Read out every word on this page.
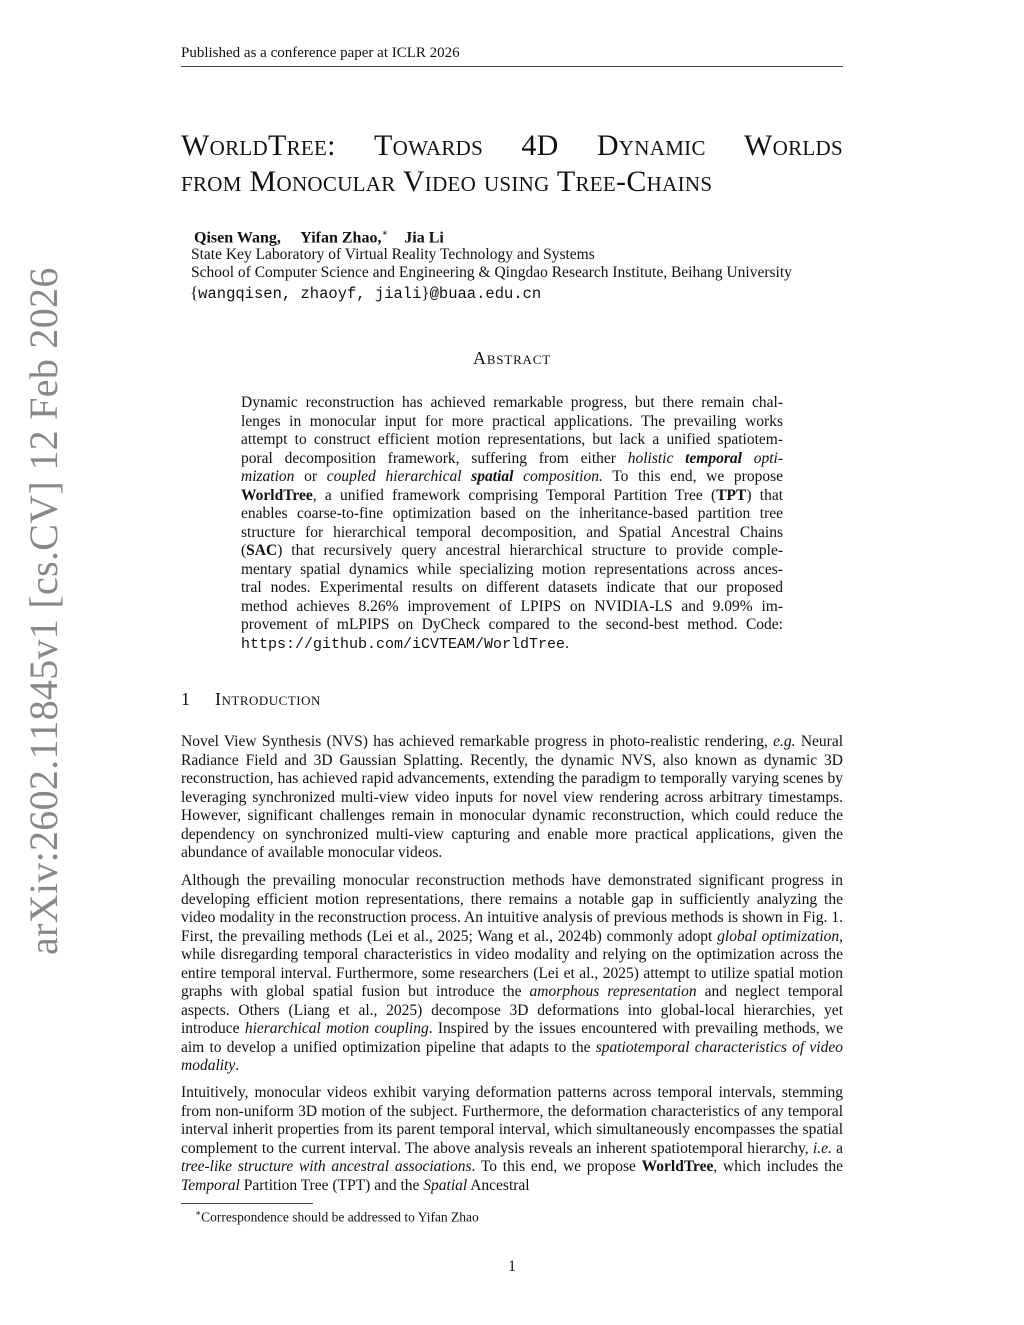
Published as a conference paper at ICLR 2026
arXiv:2602.11845v1 [cs.CV] 12 Feb 2026
WorldTree: Towards 4D Dynamic Worlds
from Monocular Video using Tree-Chains
Qisen Wang, Yifan Zhao,∗ Jia Li
State Key Laboratory of Virtual Reality Technology and Systems
School of Computer Science and Engineering & Qingdao Research Institute, Beihang University
{wangqisen, zhaoyf, jiali}@buaa.edu.cn
Abstract
Dynamic reconstruction has achieved remarkable progress, but there remain chal-
lenges in monocular input for more practical applications. The prevailing works
attempt to construct efficient motion representations, but lack a unified spatiotem-
poral decomposition framework, suffering from either holistic temporal opti-
mization or coupled hierarchical spatial composition. To this end, we propose
WorldTree, a unified framework comprising Temporal Partition Tree (TPT) that
enables coarse-to-fine optimization based on the inheritance-based partition tree
structure for hierarchical temporal decomposition, and Spatial Ancestral Chains
(SAC) that recursively query ancestral hierarchical structure to provide comple-
mentary spatial dynamics while specializing motion representations across ances-
tral nodes. Experimental results on different datasets indicate that our proposed
method achieves 8.26% improvement of LPIPS on NVIDIA-LS and 9.09% im-
provement of mLPIPS on DyCheck compared to the second-best method. Code:
https://github.com/iCVTEAM/WorldTree.
1 Introduction
Novel View Synthesis (NVS) has achieved remarkable progress in photo-realistic rendering, e.g. Neural Radiance Field and 3D Gaussian Splatting. Recently, the dynamic NVS, also known as dynamic 3D reconstruction, has achieved rapid advancements, extending the paradigm to temporally varying scenes by leveraging synchronized multi-view video inputs for novel view rendering across arbitrary timestamps. However, significant challenges remain in monocular dynamic reconstruction, which could reduce the dependency on synchronized multi-view capturing and enable more practical applications, given the abundance of available monocular videos.
Although the prevailing monocular reconstruction methods have demonstrated significant progress in developing efficient motion representations, there remains a notable gap in sufficiently analyzing the video modality in the reconstruction process. An intuitive analysis of previous methods is shown in Fig. 1. First, the prevailing methods (Lei et al., 2025; Wang et al., 2024b) commonly adopt global optimization, while disregarding temporal characteristics in video modality and relying on the optimization across the entire temporal interval. Furthermore, some researchers (Lei et al., 2025) attempt to utilize spatial motion graphs with global spatial fusion but introduce the amorphous representation and neglect temporal aspects. Others (Liang et al., 2025) decompose 3D deformations into global-local hierarchies, yet introduce hierarchical motion coupling. Inspired by the issues encountered with prevailing methods, we aim to develop a unified optimization pipeline that adapts to the spatiotemporal characteristics of video modality.
Intuitively, monocular videos exhibit varying deformation patterns across temporal intervals, stemming from non-uniform 3D motion of the subject. Furthermore, the deformation characteristics of any temporal interval inherit properties from its parent temporal interval, which simultaneously encompasses the spatial complement to the current interval. The above analysis reveals an inherent spatiotemporal hierarchy, i.e. a tree-like structure with ancestral associations. To this end, we propose WorldTree, which includes the Temporal Partition Tree (TPT) and the Spatial Ancestral
∗Correspondence should be addressed to Yifan Zhao
1
